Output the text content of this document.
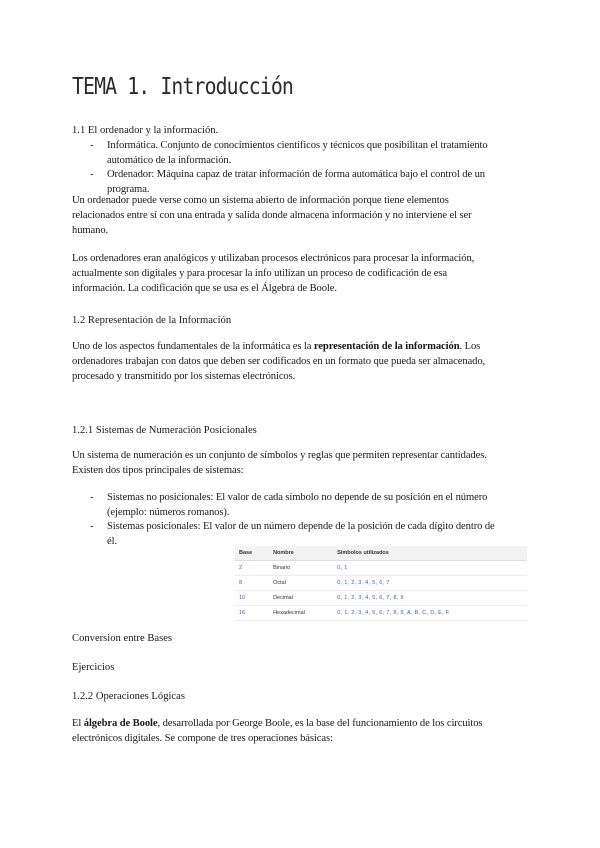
TEMA 1. Introducción
1.1 El ordenador y la información.
- Informática. Conjunto de conocimientos científicos y técnicos que posibilitan el tratamiento
automático de la información.
- Ordenador: Máquina capaz de tratar información de forma automática bajo el control de un
programa.
Un ordenador puede verse como un sistema abierto de información porque tiene elementos
relacionados entre sí con una entrada y salida donde almacena información y no interviene el ser
humano.
Los ordenadores eran analógicos y utilizaban procesos electrónicos para procesar la información,
actualmente son digitales y para procesar la info utilizan un proceso de codificación de esa
información. La codificación que se usa es el Álgebra de Boole.
1.2 Representación de la Información
Uno de los aspectos fundamentales de la informática es la representación de la información. Los
ordenadores trabajan con datos que deben ser codificados en un formato que pueda ser almacenado,
procesado y transmitido por los sistemas electrónicos.
1.2.1 Sistemas de Numeración Posicionales
Un sistema de numeración es un conjunto de símbolos y reglas que permiten representar cantidades.
Existen dos tipos principales de sistemas:
- Sistemas no posicionales: El valor de cada símbolo no depende de su posición en el número
(ejemplo: números romanos).
- Sistemas posicionales: El valor de un número depende de la posición de cada dígito dentro de
él.
Base	Nombre	Símbolos utilizados
2	Binario	0, 1
8	Octal	0, 1, 2, 3, 4, 5, 6, 7
10	Decimal	0, 1, 2, 3, 4, 5, 6, 7, 8, 9
16	Hexadecimal	0, 1, 2, 3, 4, 5, 6, 7, 8, 9, A, B, C, D, E, F
Conversion entre Bases
Ejercicios
1.2.2 Operaciones Lógicas
El álgebra de Boole, desarrollada por George Boole, es la base del funcionamiento de los circuitos
electrónicos digitales. Se compone de tres operaciones básicas:
